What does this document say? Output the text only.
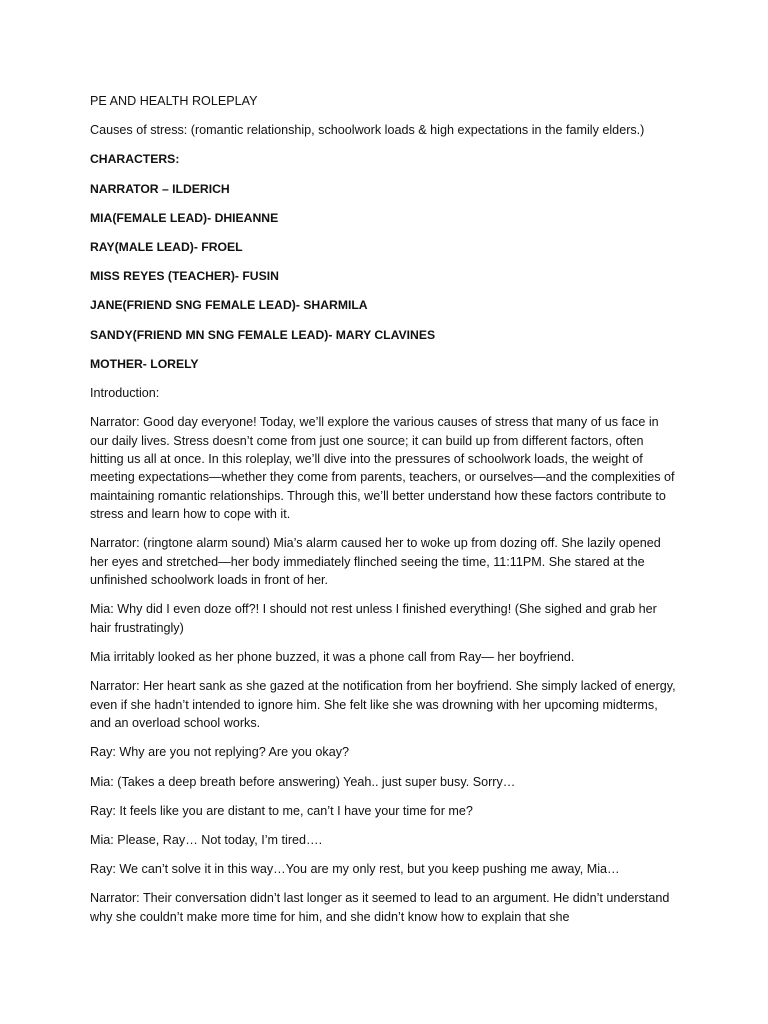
PE AND HEALTH ROLEPLAY

Causes of stress: (romantic relationship, schoolwork loads & high expectations in the family elders.)

CHARACTERS:

NARRATOR – ILDERICH

MIA(FEMALE LEAD)- DHIEANNE

RAY(MALE LEAD)- FROEL

MISS REYES (TEACHER)- FUSIN

JANE(FRIEND SNG FEMALE LEAD)- SHARMILA

SANDY(FRIEND MN SNG FEMALE LEAD)- MARY CLAVINES

MOTHER- LORELY

Introduction:

Narrator: Good day everyone! Today, we’ll explore the various causes of stress that many of us face in our daily lives. Stress doesn’t come from just one source; it can build up from different factors, often hitting us all at once. In this roleplay, we’ll dive into the pressures of schoolwork loads, the weight of meeting expectations—whether they come from parents, teachers, or ourselves—and the complexities of maintaining romantic relationships. Through this, we’ll better understand how these factors contribute to stress and learn how to cope with it.

Narrator: (ringtone alarm sound) Mia’s alarm caused her to woke up from dozing off. She lazily opened her eyes and stretched—her body immediately flinched seeing the time, 11:11PM. She stared at the unfinished schoolwork loads in front of her.

Mia: Why did I even doze off?! I should not rest unless I finished everything! (She sighed and grab her hair frustratingly)

Mia irritably looked as her phone buzzed, it was a phone call from Ray— her boyfriend.

Narrator: Her heart sank as she gazed at the notification from her boyfriend. She simply lacked of energy, even if she hadn’t intended to ignore him. She felt like she was drowning with her upcoming midterms, and an overload school works.

Ray: Why are you not replying? Are you okay?

Mia: (Takes a deep breath before answering) Yeah.. just super busy. Sorry…

Ray: It feels like you are distant to me, can’t I have your time for me?

Mia: Please, Ray… Not today, I’m tired….

Ray: We can’t solve it in this way…You are my only rest, but you keep pushing me away, Mia…

Narrator: Their conversation didn’t last longer as it seemed to lead to an argument. He didn’t understand why she couldn’t make more time for him, and she didn’t know how to explain that she
